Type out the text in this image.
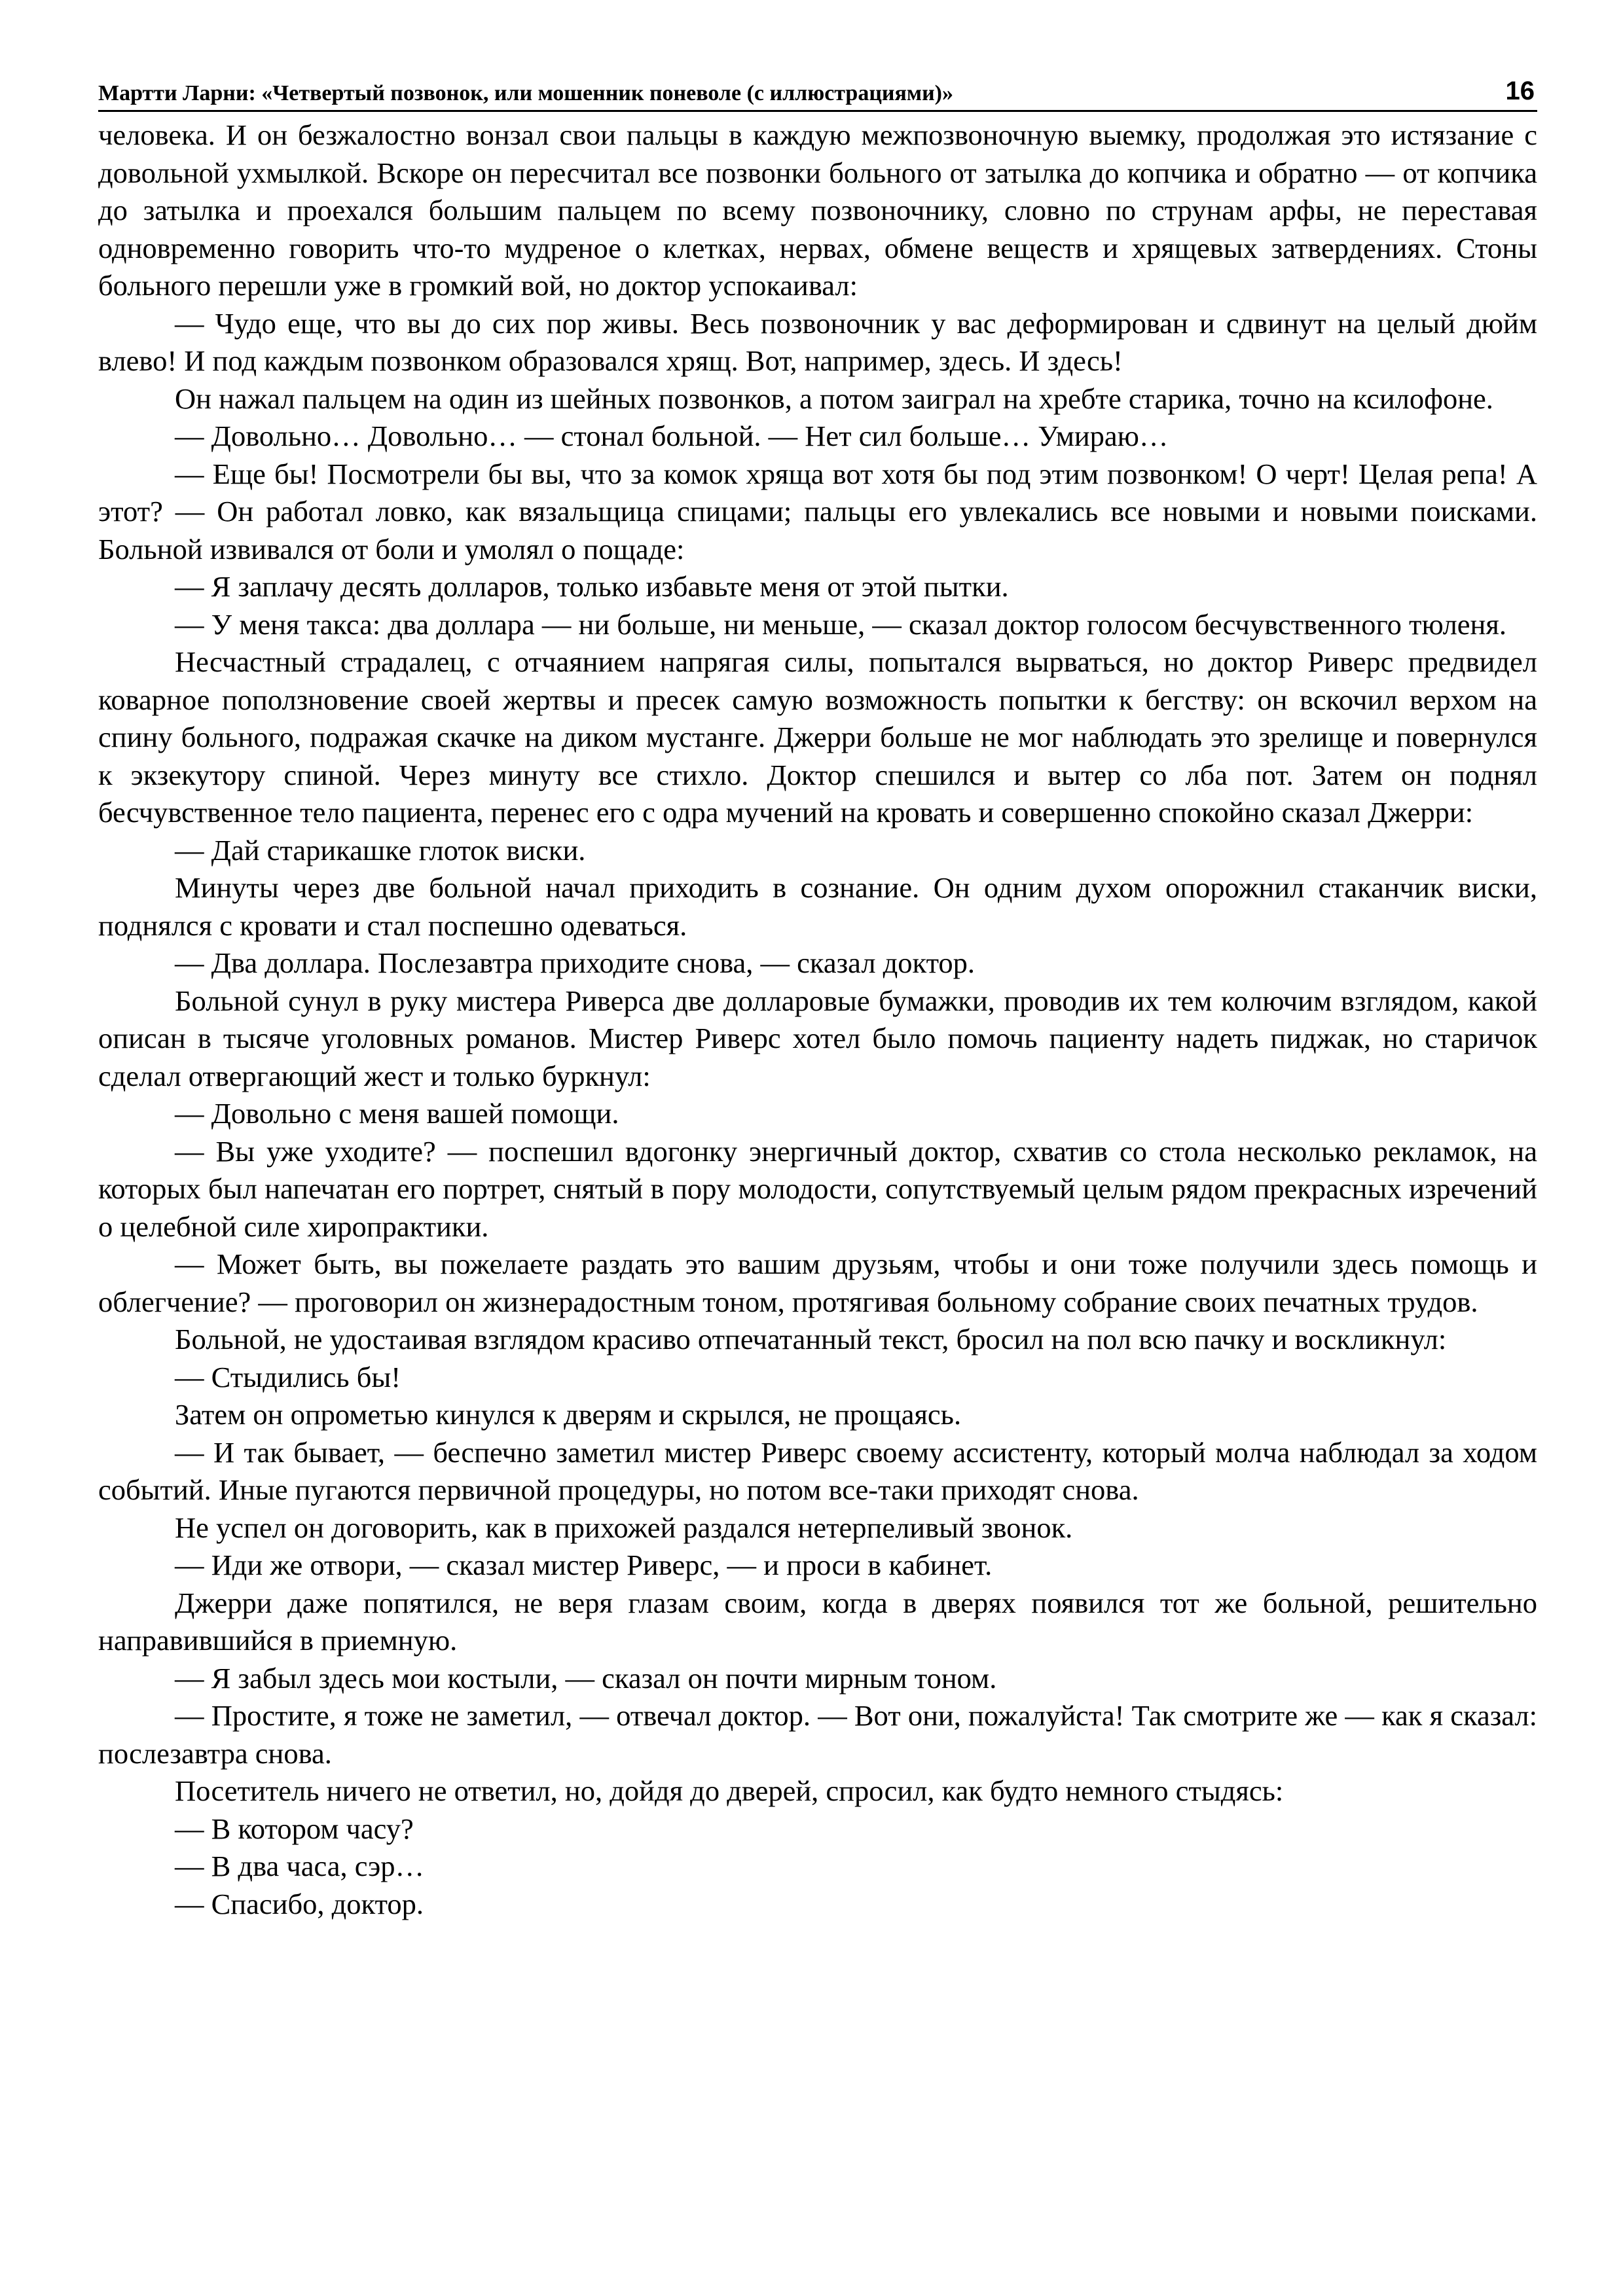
Мартти Ларни: «Четвертый позвонок, или мошенник поневоле (с иллюстрациями)»	16

человека. И он безжалостно вонзал свои пальцы в каждую межпозвоночную выемку, продолжая это истязание с довольной ухмылкой. Вскоре он пересчитал все позвонки больного от затылка до копчика и обратно — от копчика до затылка и проехался большим пальцем по всему позвоночнику, словно по струнам арфы, не переставая одновременно говорить что-то мудреное о клетках, нервах, обмене веществ и хрящевых затвердениях. Стоны больного перешли уже в громкий вой, но доктор успокаивал:

— Чудо еще, что вы до сих пор живы. Весь позвоночник у вас деформирован и сдвинут на целый дюйм влево! И под каждым позвонком образовался хрящ. Вот, например, здесь. И здесь!

Он нажал пальцем на один из шейных позвонков, а потом заиграл на хребте старика, точно на ксилофоне.

— Довольно… Довольно… — стонал больной. — Нет сил больше… Умираю…

— Еще бы! Посмотрели бы вы, что за комок хряща вот хотя бы под этим позвонком! О черт! Целая репа! А этот? — Он работал ловко, как вязальщица спицами; пальцы его увлекались все новыми и новыми поисками. Больной извивался от боли и умолял о пощаде:

— Я заплачу десять долларов, только избавьте меня от этой пытки.

— У меня такса: два доллара — ни больше, ни меньше, — сказал доктор голосом бесчувственного тюленя.

Несчастный страдалец, с отчаянием напрягая силы, попытался вырваться, но доктор Риверс предвидел коварное поползновение своей жертвы и пресек самую возможность попытки к бегству: он вскочил верхом на спину больного, подражая скачке на диком мустанге. Джерри больше не мог наблюдать это зрелище и повернулся к экзекутору спиной. Через минуту все стихло. Доктор спешился и вытер со лба пот. Затем он поднял бесчувственное тело пациента, перенес его с одра мучений на кровать и совершенно спокойно сказал Джерри:

— Дай старикашке глоток виски.

Минуты через две больной начал приходить в сознание. Он одним духом опорожнил стаканчик виски, поднялся с кровати и стал поспешно одеваться.

— Два доллара. Послезавтра приходите снова, — сказал доктор.

Больной сунул в руку мистера Риверса две долларовые бумажки, проводив их тем колючим взглядом, какой описан в тысяче уголовных романов. Мистер Риверс хотел было помочь пациенту надеть пиджак, но старичок сделал отвергающий жест и только буркнул:

— Довольно с меня вашей помощи.

— Вы уже уходите? — поспешил вдогонку энергичный доктор, схватив со стола несколько рекламок, на которых был напечатан его портрет, снятый в пору молодости, сопутствуемый целым рядом прекрасных изречений о целебной силе хиропрактики.

— Может быть, вы пожелаете раздать это вашим друзьям, чтобы и они тоже получили здесь помощь и облегчение? — проговорил он жизнерадостным тоном, протягивая больному собрание своих печатных трудов.

Больной, не удостаивая взглядом красиво отпечатанный текст, бросил на пол всю пачку и воскликнул:

— Стыдились бы!

Затем он опрометью кинулся к дверям и скрылся, не прощаясь.

— И так бывает, — беспечно заметил мистер Риверс своему ассистенту, который молча наблюдал за ходом событий. Иные пугаются первичной процедуры, но потом все-таки приходят снова.

Не успел он договорить, как в прихожей раздался нетерпеливый звонок.

— Иди же отвори, — сказал мистер Риверс, — и проси в кабинет.

Джерри даже попятился, не веря глазам своим, когда в дверях появился тот же больной, решительно направившийся в приемную.

— Я забыл здесь мои костыли, — сказал он почти мирным тоном.

— Простите, я тоже не заметил, — отвечал доктор. — Вот они, пожалуйста! Так смотрите же — как я сказал: послезавтра снова.

Посетитель ничего не ответил, но, дойдя до дверей, спросил, как будто немного стыдясь:

— В котором часу?

— В два часа, сэр…

— Спасибо, доктор.
